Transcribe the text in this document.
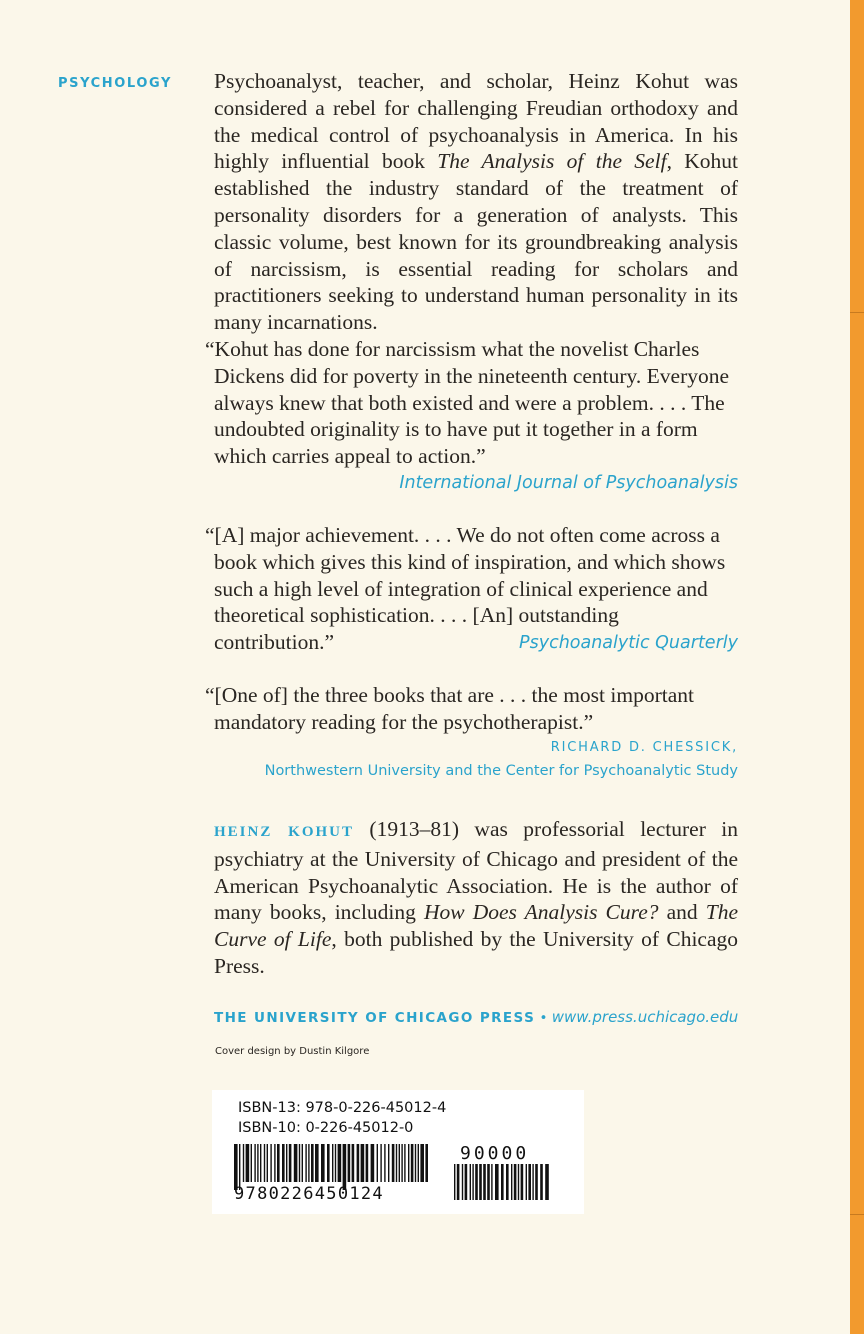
PSYCHOLOGY Psychoanalyst, teacher, and scholar, Heinz Kohut was considered a rebel for challenging Freudian orthodoxy and the medical control of psychoanalysis in America. In his highly influential book The Analysis of the Self, Kohut established the industry standard of the treatment of personality disorders for a generation of analysts. This classic volume, best known for its groundbreaking analysis of narcissism, is essential reading for scholars and practitioners seeking to understand human personality in its many incarnations.

“Kohut has done for narcissism what the novelist Charles Dickens did for poverty in the nineteenth century. Everyone always knew that both existed and were a problem. . . . The undoubted originality is to have put it together in a form which carries appeal to action.”

International Journal of Psychoanalysis

“[A] major achievement. . . . We do not often come across a book which gives this kind of inspiration, and which shows such a high level of integration of clinical experience and theoretical sophistication. . . . [An] outstanding contribution.”	Psychoanalytic Quarterly

“[One of] the three books that are . . . the most important mandatory reading for the psychotherapist.”

RICHARD D. CHESSICK,
Northwestern University and the Center for Psychoanalytic Study

HEINZ KOHUT (1913–81) was professorial lecturer in psychiatry at the University of Chicago and president of the American Psychoanalytic Association. He is the author of many books, including How Does Analysis Cure? and The Curve of Life, both published by the University of Chicago Press.

THE UNIVERSITY OF CHICAGO PRESS • www.press.uchicago.edu
Cover design by Dustin Kilgore
ISBN-13: 978-0-226-45012-4
ISBN-10: 0-226-45012-0
9780226450124
90000
